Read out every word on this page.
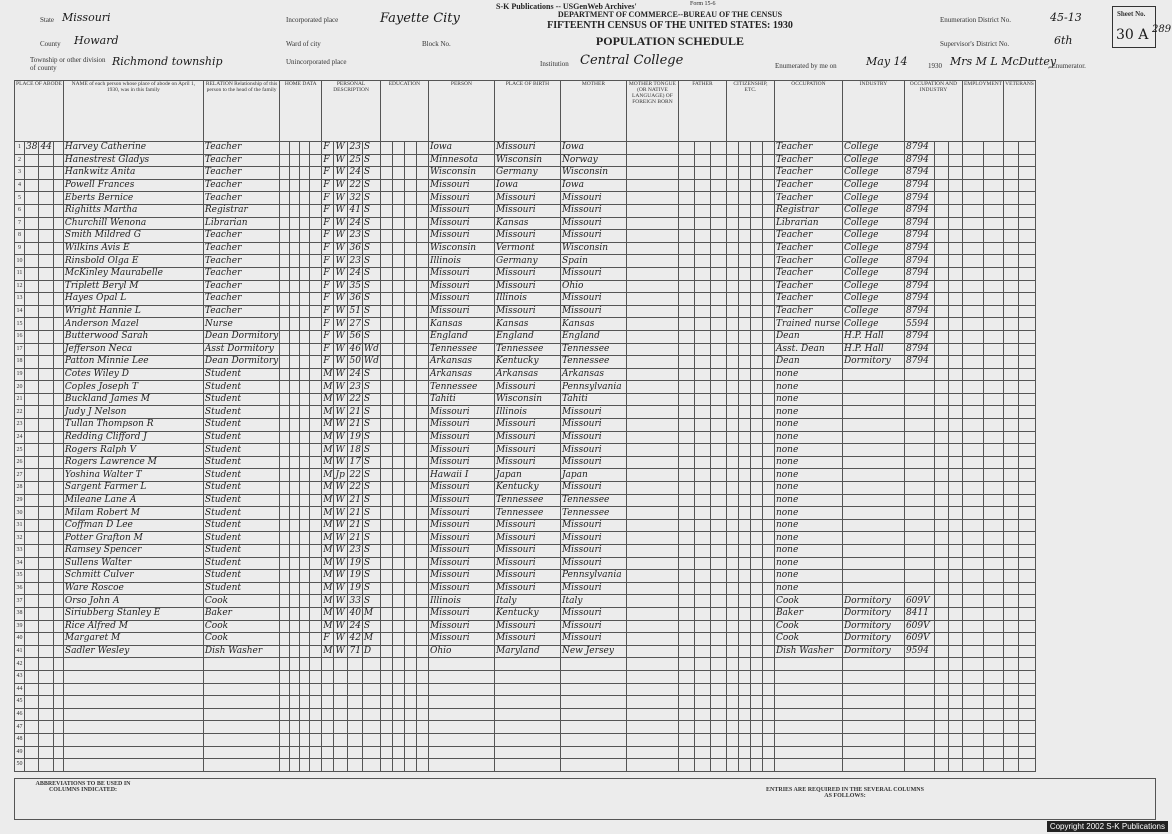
S-K Publications -- USGenWeb Archives'	Form 15-6
DEPARTMENT OF COMMERCE--BUREAU OF THE CENSUS
FIFTEENTH CENSUS OF THE UNITED STATES: 1930
POPULATION SCHEDULE
State Missouri
County Howard
Township or other division of county	Richmond township
Incorporated place	Fayette City
Ward of city	Block No.
Unincorporated place	Institution Central College	Enumerated by me on	May 14	1930 Mrs M L McDuttey
, Enumerator.
Enumeration District No.	45-13
Supervisor's District No.	6th
Sheet No.
30 A 289
PLACE OF ABODE				NAME of each person whose place of abode on April 1, 1930, was in this family	RELATION Relationship of this person to the head of the family	HOME DATA				PERSONAL DESCRIPTION				EDUCATION				PERSON	PLACE OF BIRTH	MOTHER	MOTHER TONGUE (OR NATIVE LANGUAGE) OF FOREIGN BORN	FATHER			CITIZENSHIP, ETC.				OCCUPATION	INDUSTRY	OCCUPATION AND INDUSTRY			EMPLOYMENT		VETERANS	
1	38	44		Harvey Catherine	Teacher					F	W	23	S					Iowa	Missouri	Iowa									Teacher	College	8794						
2				Hanestrest Gladys	Teacher					F	W	25	S					Minnesota	Wisconsin	Norway									Teacher	College	8794						
3				Hankwitz Anita	Teacher					F	W	24	S					Wisconsin	Germany	Wisconsin									Teacher	College	8794						
4				Powell Frances	Teacher					F	W	22	S					Missouri	Iowa	Iowa									Teacher	College	8794						
5				Eberts Bernice	Teacher					F	W	32	S					Missouri	Missouri	Missouri									Teacher	College	8794						
6				Righitts Martha	Registrar					F	W	41	S					Missouri	Missouri	Missouri									Registrar	College	8794						
7				Churchill Wenona	Librarian					F	W	24	S					Missouri	Kansas	Missouri									Librarian	College	8794						
8				Smith Mildred G	Teacher					F	W	23	S					Missouri	Missouri	Missouri									Teacher	College	8794						
9				Wilkins Avis E	Teacher					F	W	36	S					Wisconsin	Vermont	Wisconsin									Teacher	College	8794						
10				Rinsbold Olga E	Teacher					F	W	23	S					Illinois	Germany	Spain									Teacher	College	8794						
11				McKinley Maurabelle	Teacher					F	W	24	S					Missouri	Missouri	Missouri									Teacher	College	8794						
12				Triplett Beryl M	Teacher					F	W	35	S					Missouri	Missouri	Ohio									Teacher	College	8794						
13				Hayes Opal L	Teacher					F	W	36	S					Missouri	Illinois	Missouri									Teacher	College	8794						
14				Wright Hannie L	Teacher					F	W	51	S					Missouri	Missouri	Missouri									Teacher	College	8794						
15				Anderson Mazel	Nurse					F	W	27	S					Kansas	Kansas	Kansas									Trained nurse	College	5594						
16				Butterwood Sarah	Dean Dormitory					F	W	56	S					England	England	England									Dean	H.P. Hall	8794						
17				Jefferson Neca	Asst Dormitory					F	W	46	Wd					Tennessee	Tennessee	Tennessee									Asst. Dean	H.P. Hall	8794						
18				Patton Minnie Lee	Dean Dormitory					F	W	50	Wd					Arkansas	Kentucky	Tennessee									Dean	Dormitory	8794						
19				Cotes Wiley D	Student					M	W	24	S					Arkansas	Arkansas	Arkansas									none								
20				Coples Joseph T	Student					M	W	23	S					Tennessee	Missouri	Pennsylvania									none								
21				Buckland James M	Student					M	W	22	S					Tahiti	Wisconsin	Tahiti									none								
22				Judy J Nelson	Student					M	W	21	S					Missouri	Illinois	Missouri									none								
23				Tullan Thompson R	Student					M	W	21	S					Missouri	Missouri	Missouri									none								
24				Redding Clifford J	Student					M	W	19	S					Missouri	Missouri	Missouri									none								
25				Rogers Ralph V	Student					M	W	18	S					Missouri	Missouri	Missouri									none								
26				Rogers Lawrence M	Student					M	W	17	S					Missouri	Missouri	Missouri									none								
27				Yoshina Walter T	Student					M	Jp	22	S					Hawaii I	Japan	Japan									none								
28				Sargent Farmer L	Student					M	W	22	S					Missouri	Kentucky	Missouri									none								
29				Mileane Lane A	Student					M	W	21	S					Missouri	Tennessee	Tennessee									none								
30				Milam Robert M	Student					M	W	21	S					Missouri	Tennessee	Tennessee									none								
31				Coffman D Lee	Student					M	W	21	S					Missouri	Missouri	Missouri									none								
32				Potter Grafton M	Student					M	W	21	S					Missouri	Missouri	Missouri									none								
33				Ramsey Spencer	Student					M	W	23	S					Missouri	Missouri	Missouri									none								
34				Sullens Walter	Student					M	W	19	S					Missouri	Missouri	Missouri									none								
35				Schmitt Culver	Student					M	W	19	S					Missouri	Missouri	Pennsylvania									none								
36				Ware Roscoe	Student					M	W	19	S					Missouri	Missouri	Missouri									none								
37				Orso John A	Cook					M	W	33	S					Illinois	Italy	Italy									Cook	Dormitory	609V						
38				Siriubberg Stanley E	Baker					M	W	40	M					Missouri	Kentucky	Missouri									Baker	Dormitory	8411						
39				Rice Alfred M	Cook					M	W	24	S					Missouri	Missouri	Missouri									Cook	Dormitory	609V						
40				Margaret M	Cook					F	W	42	M					Missouri	Missouri	Missouri									Cook	Dormitory	609V						
41				Sadler Wesley	Dish Washer					M	W	71	D					Ohio	Maryland	New Jersey									Dish Washer	Dormitory	9594						
42																																					
43																																					
44																																					
45																																					
46																																					
47																																					
48																																					
49																																					
50																																					
ABBREVIATIONS TO BE USED IN COLUMNS INDICATED:	ENTRIES ARE REQUIRED IN THE SEVERAL COLUMNS AS FOLLOWS:
Copyright 2002 S-K Publications
